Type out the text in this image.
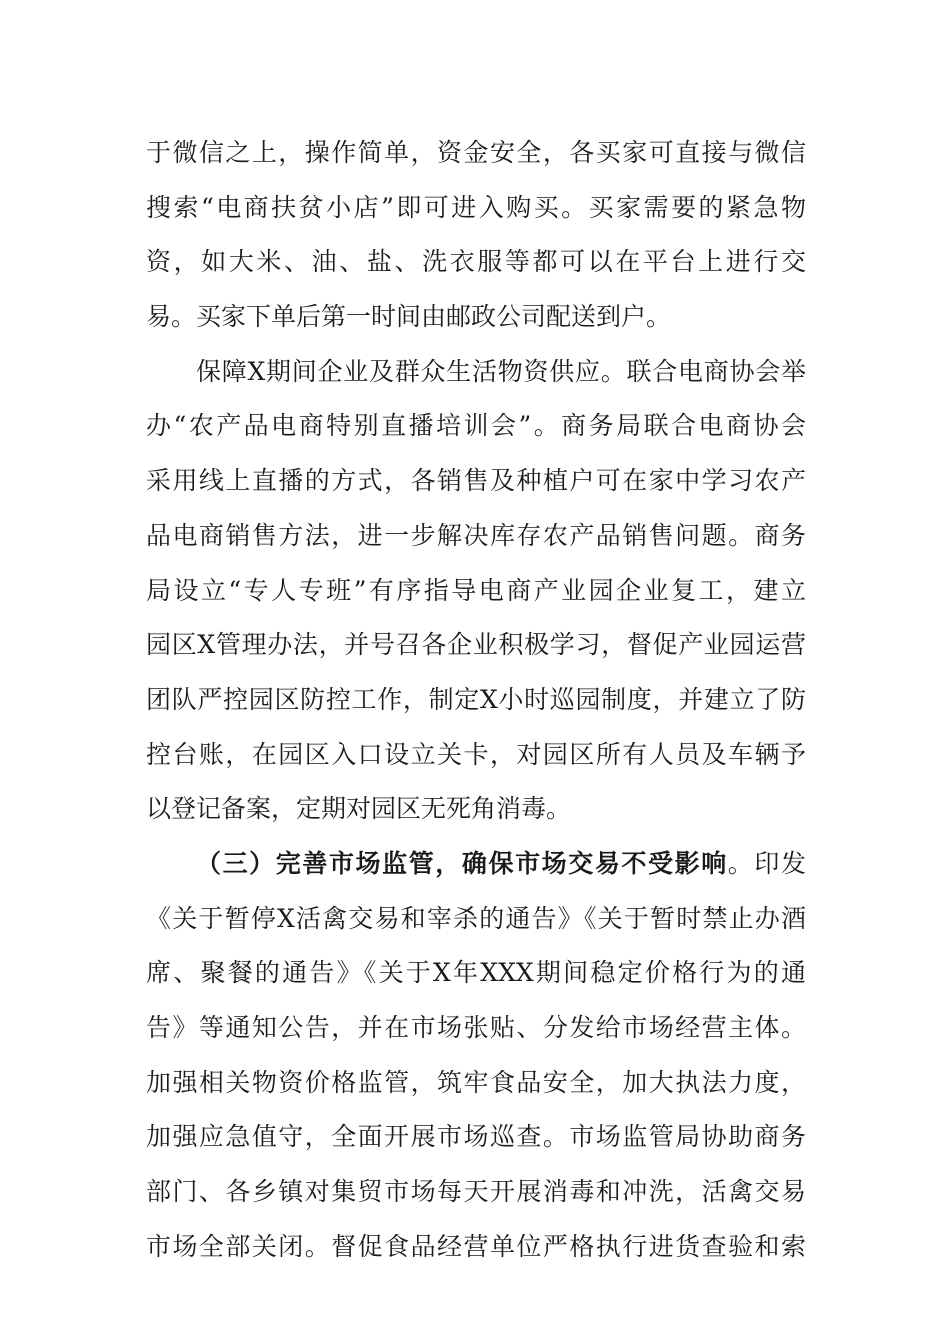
于微信之上，操作简单，资金安全，各买家可直接与微信
搜索“电商扶贫小店”即可进入购买。买家需要的紧急物
资，如大米、油、盐、洗衣服等都可以在平台上进行交
易。买家下单后第一时间由邮政公司配送到户。
保障X期间企业及群众生活物资供应。联合电商协会举
办“农产品电商特别直播培训会”。商务局联合电商协会
采用线上直播的方式，各销售及种植户可在家中学习农产
品电商销售方法，进一步解决库存农产品销售问题。商务
局设立“专人专班”有序指导电商产业园企业复工，建立
园区X管理办法，并号召各企业积极学习，督促产业园运营
团队严控园区防控工作，制定X小时巡园制度，并建立了防
控台账，在园区入口设立关卡，对园区所有人员及车辆予
以登记备案，定期对园区无死角消毒。
（三）完善市场监管，确保市场交易不受影响。印发
《关于暂停X活禽交易和宰杀的通告》《关于暂时禁止办酒
席、聚餐的通告》《关于X年XXX期间稳定价格行为的通
告》等通知公告，并在市场张贴、分发给市场经营主体。
加强相关物资价格监管，筑牢食品安全，加大执法力度，
加强应急值守，全面开展市场巡查。市场监管局协助商务
部门、各乡镇对集贸市场每天开展消毒和冲洗，活禽交易
市场全部关闭。督促食品经营单位严格执行进货查验和索
